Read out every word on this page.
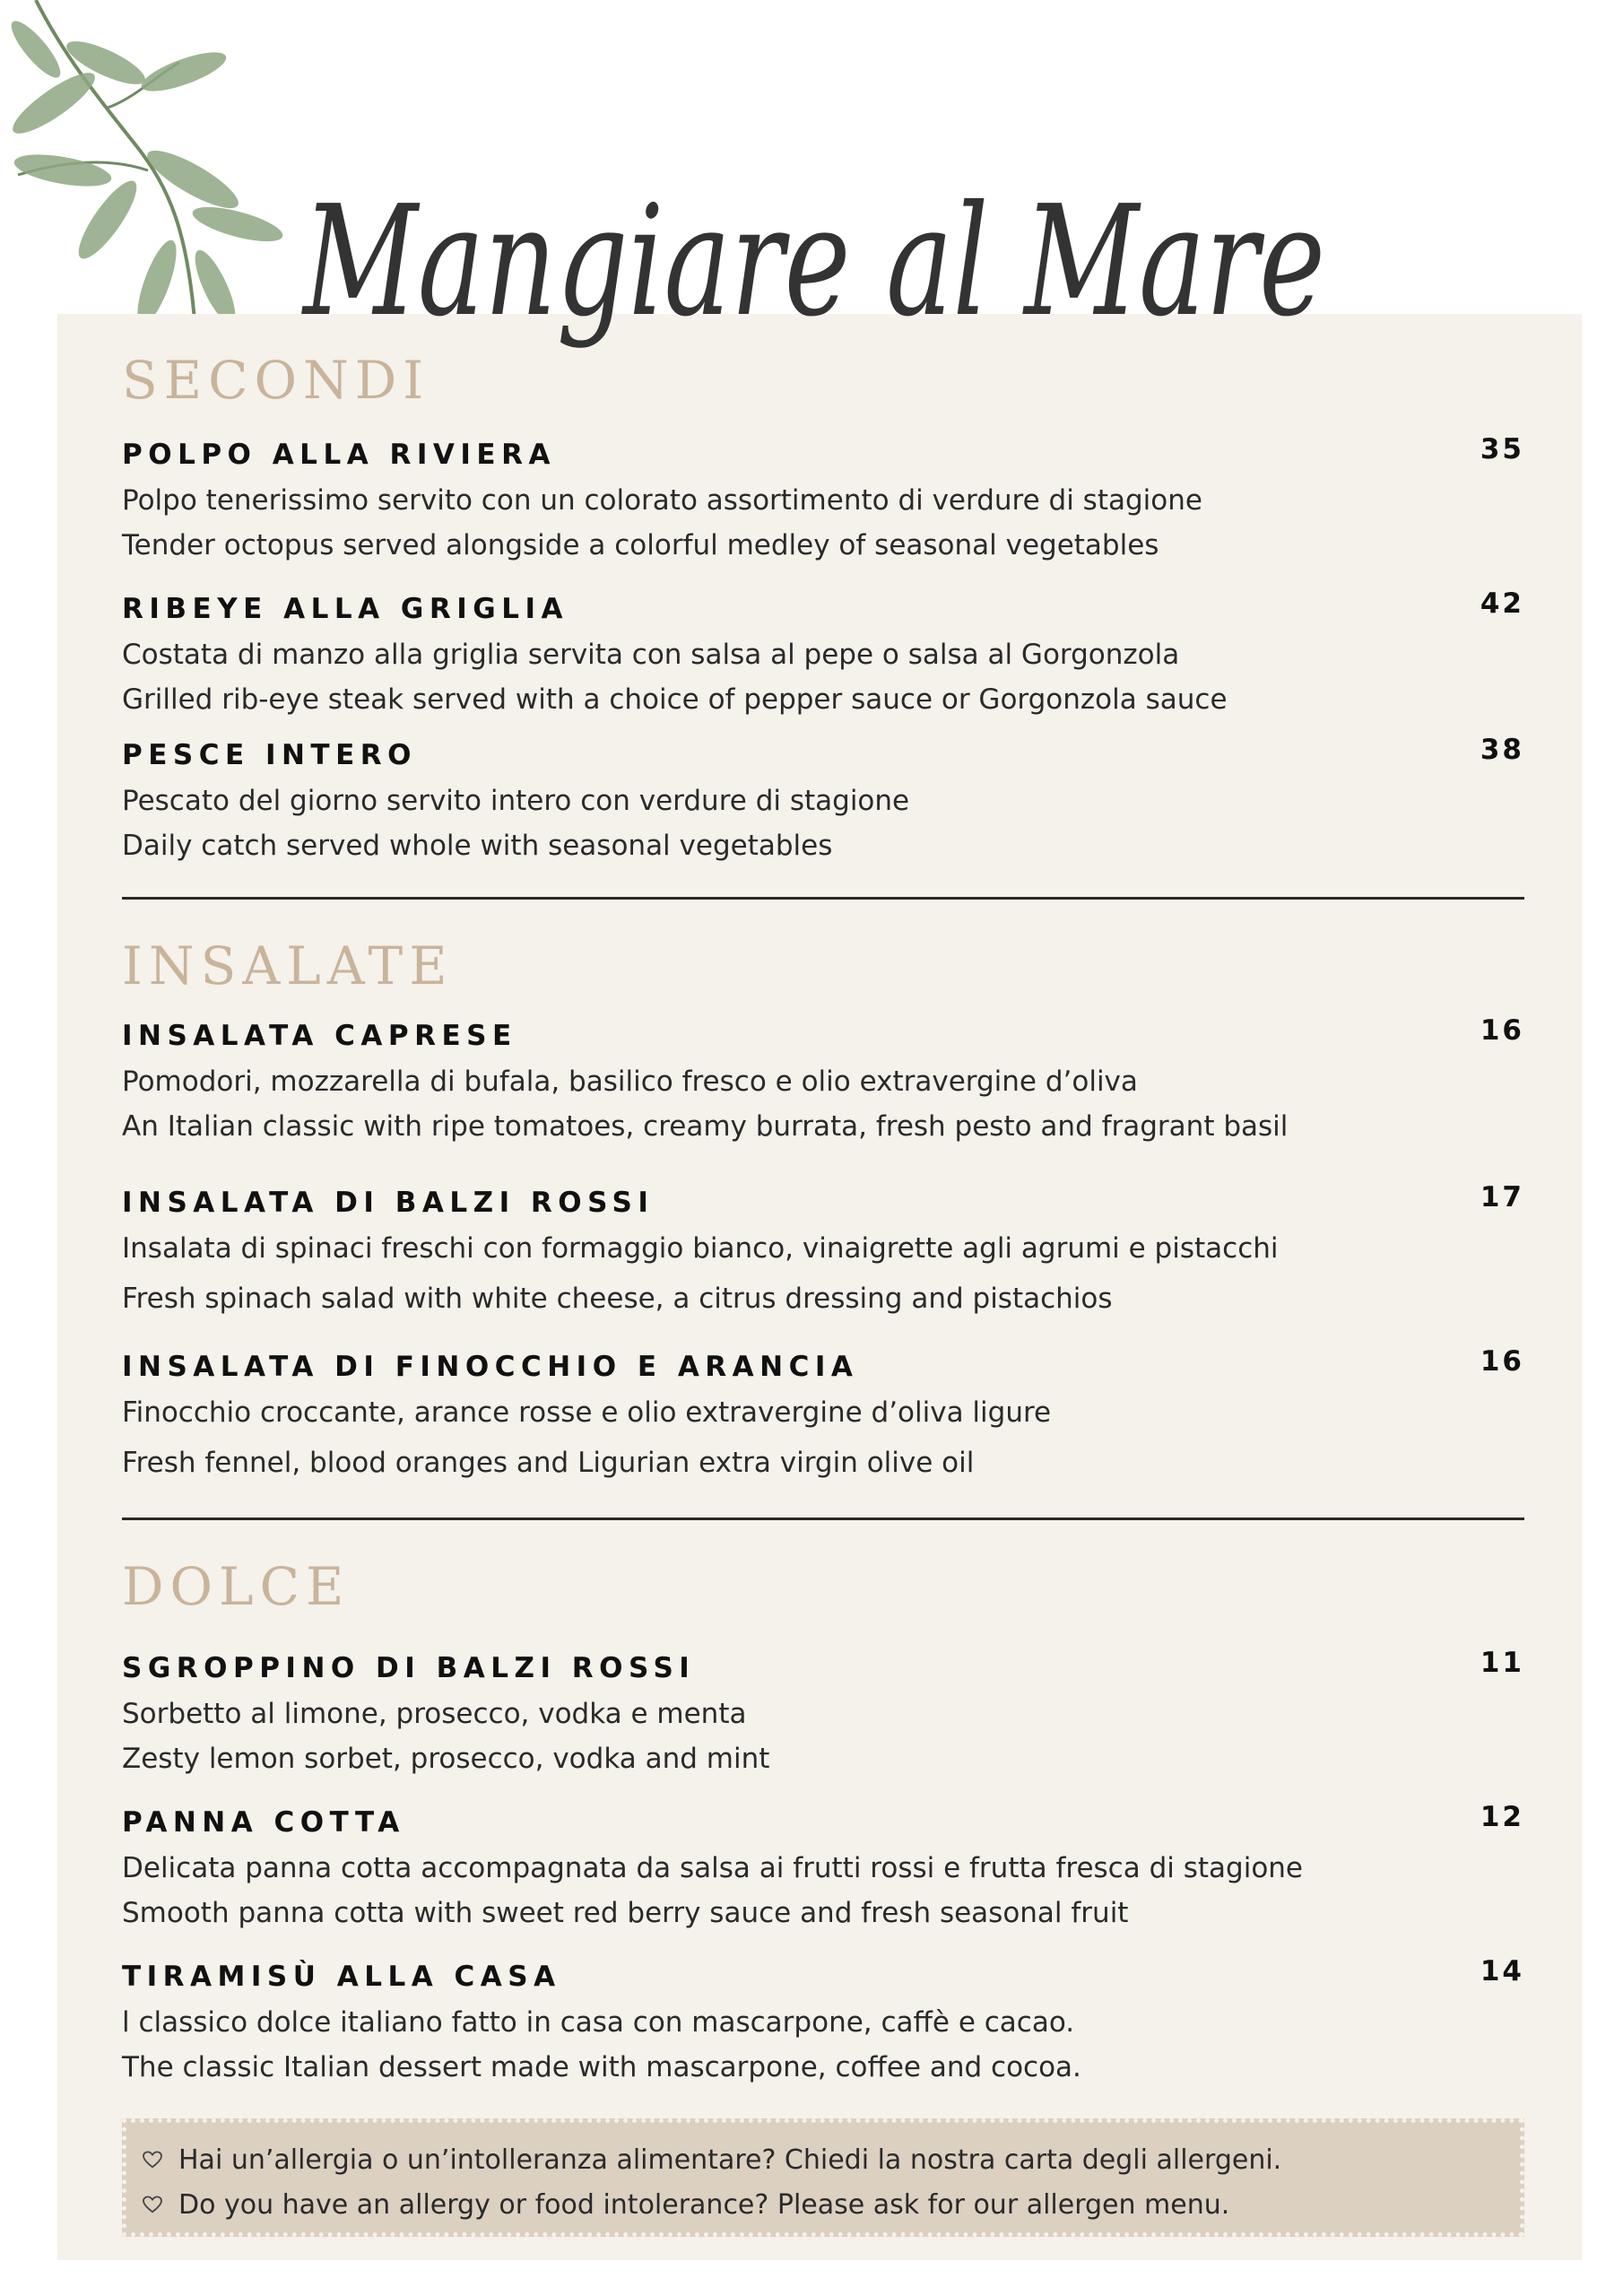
Mangiare al Mare
SECONDI
POLPO ALLA RIVIERA	35
Polpo tenerissimo servito con un colorato assortimento di verdure di stagione
Tender octopus served alongside a colorful medley of seasonal vegetables
RIBEYE ALLA GRIGLIA	42
Costata di manzo alla griglia servita con salsa al pepe o salsa al Gorgonzola
Grilled rib-eye steak served with a choice of pepper sauce or Gorgonzola sauce
PESCE INTERO	38
Pescato del giorno servito intero con verdure di stagione
Daily catch served whole with seasonal vegetables
INSALATE
INSALATA CAPRESE	16
Pomodori, mozzarella di bufala, basilico fresco e olio extravergine d’oliva
An Italian classic with ripe tomatoes, creamy burrata, fresh pesto and fragrant basil
INSALATA DI BALZI ROSSI	17
Insalata di spinaci freschi con formaggio bianco, vinaigrette agli agrumi e pistacchi
Fresh spinach salad with white cheese, a citrus dressing and pistachios
INSALATA DI FINOCCHIO E ARANCIA	16
Finocchio croccante, arance rosse e olio extravergine d’oliva ligure
Fresh fennel, blood oranges and Ligurian extra virgin olive oil
DOLCE
SGROPPINO DI BALZI ROSSI	11
Sorbetto al limone, prosecco, vodka e menta
Zesty lemon sorbet, prosecco, vodka and mint
PANNA COTTA	12
Delicata panna cotta accompagnata da salsa ai frutti rossi e frutta fresca di stagione
Smooth panna cotta with sweet red berry sauce and fresh seasonal fruit
TIRAMISÙ ALLA CASA	14
l classico dolce italiano fatto in casa con mascarpone, caffè e cacao.
The classic Italian dessert made with mascarpone, coffee and cocoa.
Hai un’allergia o un’intolleranza alimentare? Chiedi la nostra carta degli allergeni.
Do you have an allergy or food intolerance? Please ask for our allergen menu.
